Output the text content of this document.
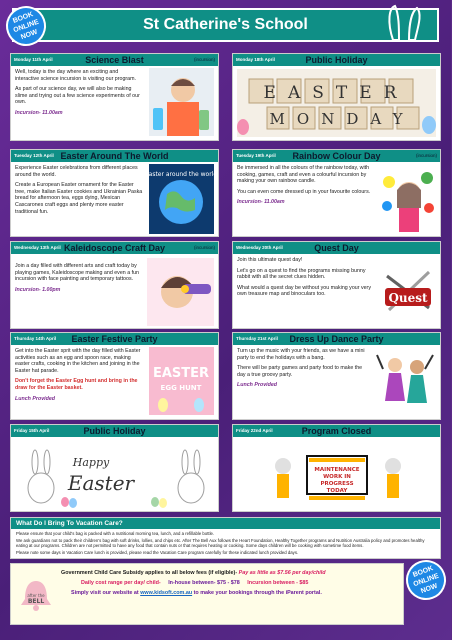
St Catherine's School
BOOK ONLINE NOW
Monday 11th April	Science Blast	(incursion)

Well, today is the day where an exciting and interactive science incursion is visiting our program.

As part of our science day, we will also be making slime and trying out a few science experiments of our own.

Incursion- 11.00am

Monday 18th April	Public Holiday
EASTER
MONDAY
Tuesday 12th April Easter Around The World

Experience Easter celebrations from different places around the world.

Create a European Easter ornament for the Easter tree, make Italian Easter cookies and Ukrainian Paska bread for afternoon tea, eggs dying, Mexican Cascarones craft eggs and plenty more easter traditional fun.

Easter around the world
Tuesday 19th April	Rainbow Colour Day	(incursion)

Be immersed in all the colours of the rainbow today, with cooking, games, craft and even a colourful incursion by making your own rainbow candle.

You can even come dressed up in your favourite colours.

Incursion- 11.00am

Wednesday 13th April Kaleidoscope Craft Day	(incursion)

Join a day filled with different arts and craft today by playing games, Kaleidoscope making and even a fun incursion with face painting and temporary tattoos.

Incursion- 1.00pm

Wednesday 20th April	Quest Day

Join this ultimate quest day!

Let's go on a quest to find the programs missing bunny rabbit with all the secret clues hidden.

What would a quest day be without you making your very own treasure map and binoculars too.	Quest
Thursday 14th April	Easter Festive Party

Get into the Easter sprit with the day filled with Easter activities such as an egg and spoon race, making easter crafts, cooking in the kitchen and joining in the Easter hat parade.

Don't forget the Easter Egg hunt and bring in the draw for the Easter basket.

Lunch Provided

EASTER
EGG HUNT
Thursday 21st April	Dress Up Dance Party

Turn up the music with your friends, as we have a mini party to end the holidays with a bang.

There will be party games and party food to make the day a true groovy party.

Lunch Provided

Friday 15th April	Public Holiday
Happy
Easter
Friday 22nd April	Program Closed
MAINTENANCE
WORK IN
PROGRESS
TODAY
What Do I Bring To Vacation Care?

Please ensure that your child's bag is packed with a nutritional morning tea, lunch, and a refillable bottle.

We ask guardians not to pack their children's bag with soft drinks, lollies, and chips etc. After The Bell Aux follows the Heart Foundation, Healthy Together programs and Nutrition Australia policy and promotes healthy eating at our programs. Children are not permitted to have any food that contain nuts or that requires heating or cooking. Some days children will be cooking with sometime food items.

Please note some days in Vacation Care lunch is provided, please read the Vacation Care program carefully for these indicated lunch provided days.

after the
BELL
Government Child Care Subsidy applies to all below fees (if eligible)- Pay as little as $7.56 per day/child
Daily cost range per day/ child- In-house between- $75 - $78 Incursion between - $85
Simply visit our website at www.kidsoft.com.au to make your bookings through the iParent portal.
BOOK ONLINE NOW
